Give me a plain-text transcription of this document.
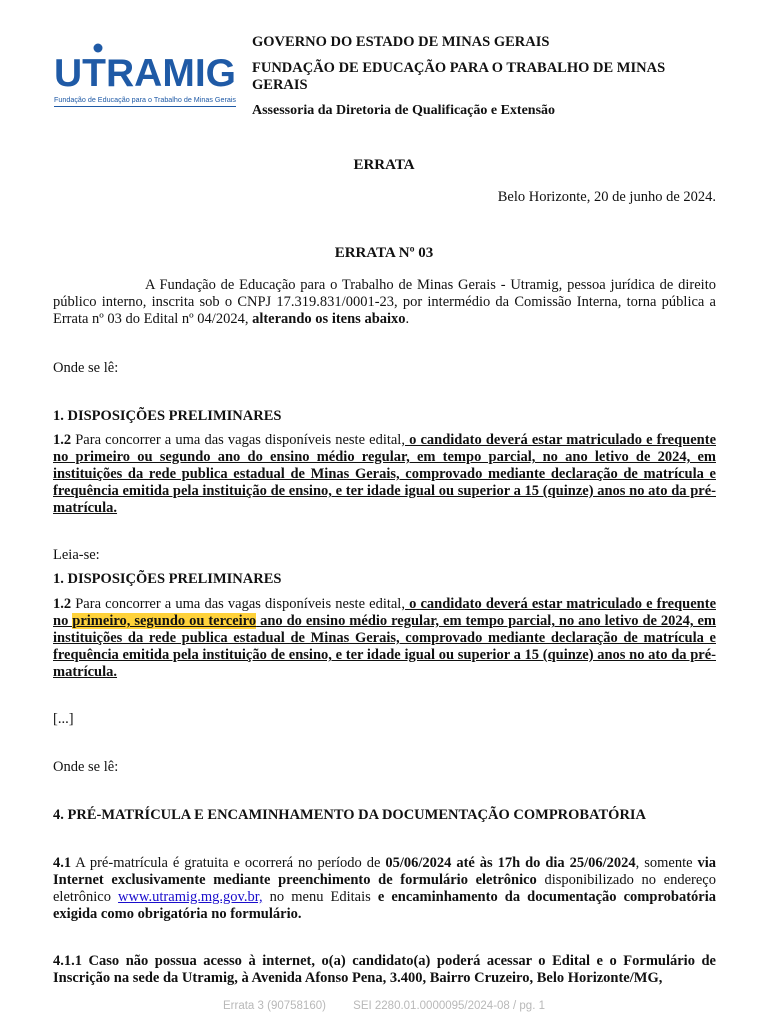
UTRAMIG
Fundação de Educação para o Trabalho de Minas Gerais

GOVERNO DO ESTADO DE MINAS GERAIS

FUNDAÇÃO DE EDUCAÇÃO PARA O TRABALHO DE MINAS GERAIS

Assessoria da Diretoria de Qualificação e Extensão

ERRATA
Belo Horizonte, 20 de junho de 2024.
ERRATA Nº 03

A Fundação de Educação para o Trabalho de Minas Gerais - Utramig, pessoa jurídica de direito público interno, inscrita sob o CNPJ 17.319.831/0001-23, por intermédio da Comissão Interna, torna pública a Errata nº 03 do Edital nº 04/2024, alterando os itens abaixo.

Onde se lê:
1. DISPOSIÇÕES PRELIMINARES

1.2 Para concorrer a uma das vagas disponíveis neste edital, o candidato deverá estar matriculado e frequente no primeiro ou segundo ano do ensino médio regular, em tempo parcial, no ano letivo de 2024, em instituições da rede publica estadual de Minas Gerais, comprovado mediante declaração de matrícula e frequência emitida pela instituição de ensino, e ter idade igual ou superior a 15 (quinze) anos no ato da pré-matrícula.

Leia-se:
1. DISPOSIÇÕES PRELIMINARES

1.2 Para concorrer a uma das vagas disponíveis neste edital, o candidato deverá estar matriculado e frequente no primeiro, segundo ou terceiro ano do ensino médio regular, em tempo parcial, no ano letivo de 2024, em instituições da rede publica estadual de Minas Gerais, comprovado mediante declaração de matrícula e frequência emitida pela instituição de ensino, e ter idade igual ou superior a 15 (quinze) anos no ato da pré-matrícula.

[...]
Onde se lê:
4. PRÉ-MATRÍCULA E ENCAMINHAMENTO DA DOCUMENTAÇÃO COMPROBATÓRIA

4.1 A pré-matrícula é gratuita e ocorrerá no período de 05/06/2024 até às 17h do dia 25/06/2024, somente via Internet exclusivamente mediante preenchimento de formulário eletrônico disponibilizado no endereço eletrônico www.utramig.mg.gov.br, no menu Editais e encaminhamento da documentação comprobatória exigida como obrigatória no formulário.

4.1.1 Caso não possua acesso à internet, o(a) candidato(a) poderá acessar o Edital e o Formulário de Inscrição na sede da Utramig, à Avenida Afonso Pena, 3.400, Bairro Cruzeiro, Belo Horizonte/MG,
Errata 3 (90758160) SEI 2280.01.0000095/2024-08 / pg. 1
